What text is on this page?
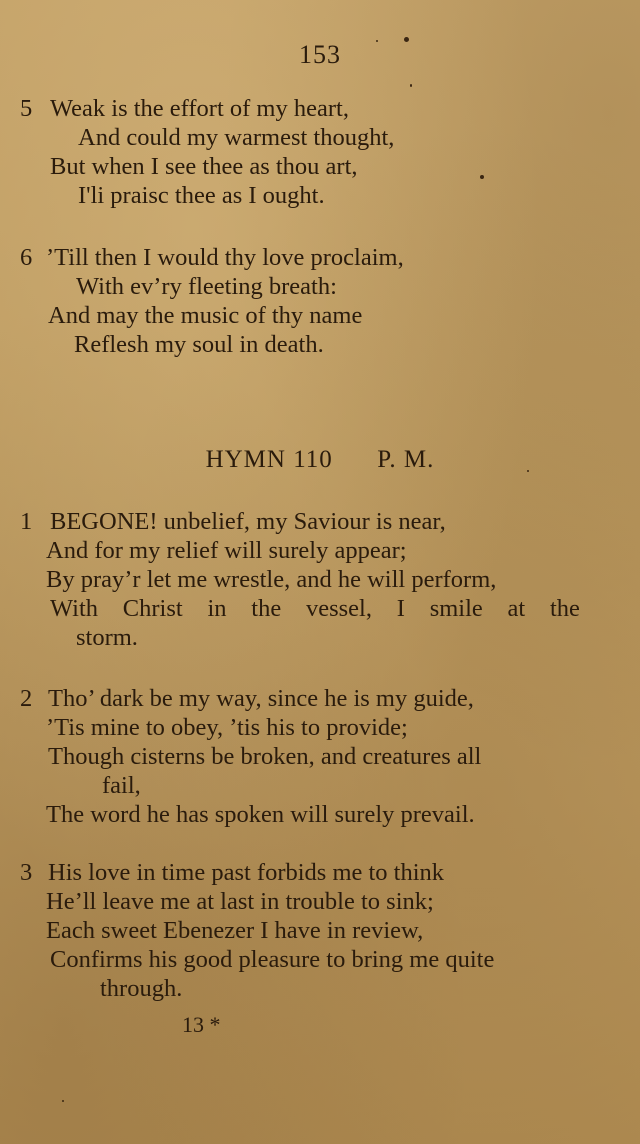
153
5 Weak is the effort of my heart,
And could my warmest thought,
But when I see thee as thou art,
I'li praisc thee as I ought.
6 ’Till then I would thy love proclaim,
With ev’ry fleeting breath:
And may the music of thy name
Reflesh my soul in death.
HYMN 110 P. M.
1 BEGONE! unbelief, my Saviour is near,
And for my relief will surely appear;
By pray’r let me wrestle, and he will perform,
With Christ in the vessel, I smile at the
storm.
2 Tho’ dark be my way, since he is my guide,
’Tis mine to obey, ’tis his to provide;
Though cisterns be broken, and creatures all
fail,
The word he has spoken will surely prevail.
3 His love in time past forbids me to think
He’ll leave me at last in trouble to sink;
Each sweet Ebenezer I have in review,
Confirms his good pleasure to bring me quite
through.
13 *
